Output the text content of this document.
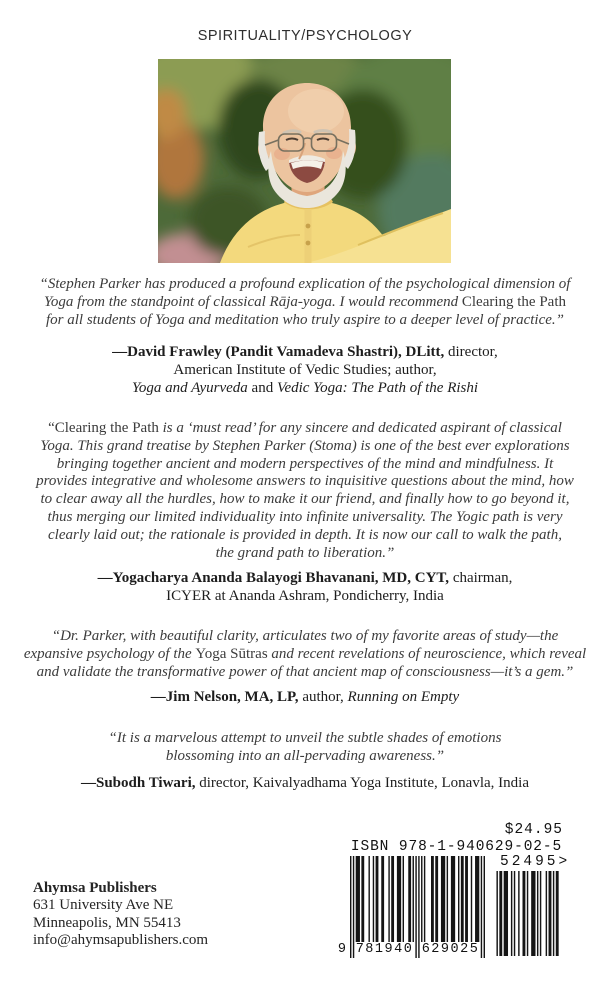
SPIRITUALITY/PSYCHOLOGY
“Stephen Parker has produced a profound explication of the psychological dimension of
Yoga from the standpoint of classical Rāja-yoga. I would recommend Clearing the Path
for all students of Yoga and meditation who truly aspire to a deeper level of practice.”
—David Frawley (Pandit Vamadeva Shastri), DLitt, director,
American Institute of Vedic Studies; author,
Yoga and Ayurveda and Vedic Yoga: The Path of the Rishi
“Clearing the Path is a ‘must read’ for any sincere and dedicated aspirant of classical
Yoga. This grand treatise by Stephen Parker (Stoma) is one of the best ever explorations
bringing together ancient and modern perspectives of the mind and mindfulness. It
provides integrative and wholesome answers to inquisitive questions about the mind, how
to clear away all the hurdles, how to make it our friend, and finally how to go beyond it,
thus merging our limited individuality into infinite universality. The Yogic path is very
clearly laid out; the rationale is provided in depth. It is now our call to walk the path,
the grand path to liberation.”
—Yogacharya Ananda Balayogi Bhavanani, MD, CYT, chairman,
ICYER at Ananda Ashram, Pondicherry, India
“Dr. Parker, with beautiful clarity, articulates two of my favorite areas of study—the
expansive psychology of the Yoga Sūtras and recent revelations of neuroscience, which reveal
and validate the transformative power of that ancient map of consciousness—it’s a gem.”
—Jim Nelson, MA, LP, author, Running on Empty
“It is a marvelous attempt to unveil the subtle shades of emotions
blossoming into an all-pervading awareness.”
—Subodh Tiwari, director, Kaivalyadhama Yoga Institute, Lonavla, India
Ahymsa Publishers
631 University Ave NE
Minneapolis, MN 55413
info@ahymsapublishers.com
$24.95
ISBN 978-1-940629-02-5
52495>
9 781940 629025
